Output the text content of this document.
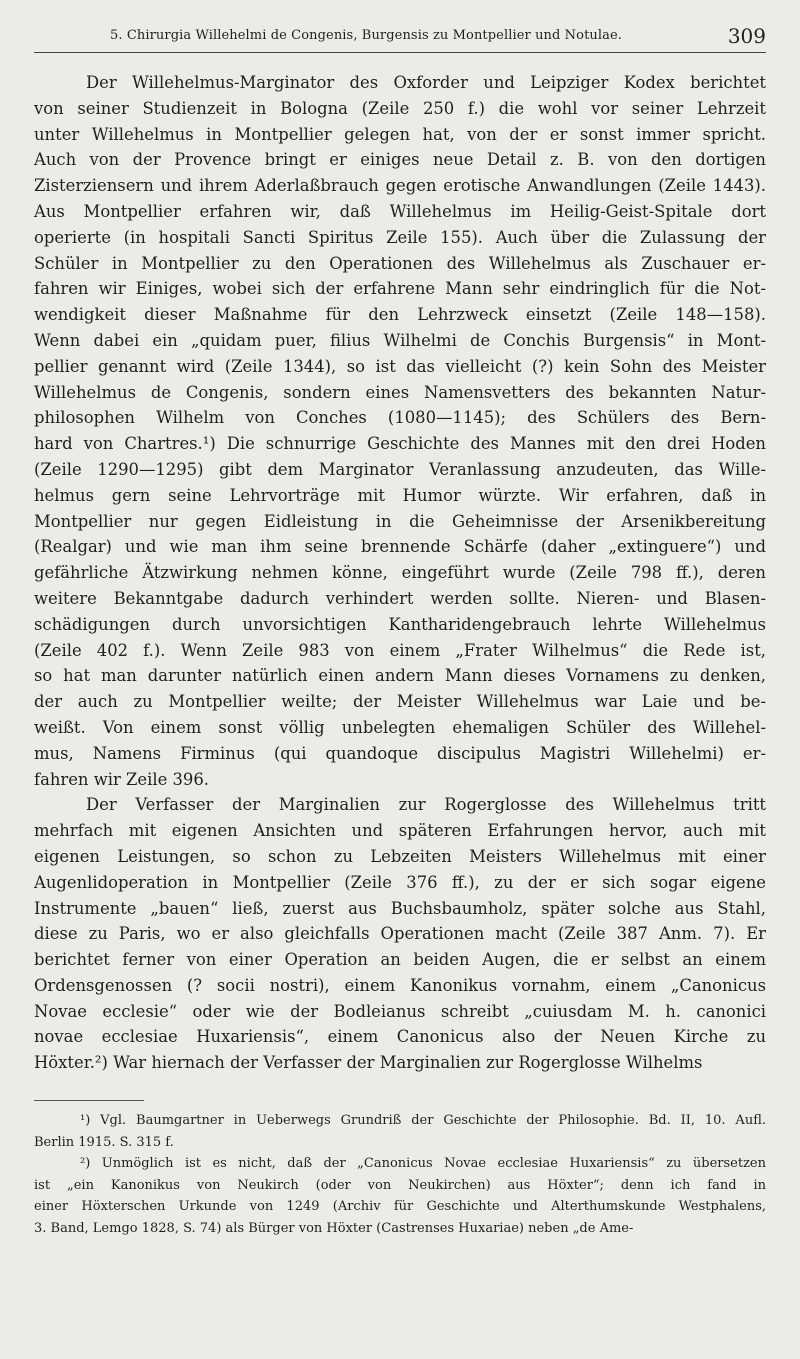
5. Chirurgia Willehelmi de Congenis, Burgensis zu Montpellier und Notulae.	309
Der Willehelmus-Marginator des Oxforder und Leipziger Kodex berichtet
von seiner Studienzeit in Bologna (Zeile 250 f.) die wohl vor seiner Lehrzeit
unter Willehelmus in Montpellier gelegen hat, von der er sonst immer spricht.
Auch von der Provence bringt er einiges neue Detail z. B. von den dortigen
Zisterziensern und ihrem Aderlaßbrauch gegen erotische Anwandlungen (Zeile 1443).
Aus Montpellier erfahren wir, daß Willehelmus im Heilig-Geist-Spitale dort
operierte (in hospitali Sancti Spiritus Zeile 155). Auch über die Zulassung der
Schüler in Montpellier zu den Operationen des Willehelmus als Zuschauer er-
fahren wir Einiges, wobei sich der erfahrene Mann sehr eindringlich für die Not-
wendigkeit dieser Maßnahme für den Lehrzweck einsetzt (Zeile 148—158).
Wenn dabei ein „quidam puer, filius Wilhelmi de Conchis Burgensis“ in Mont-
pellier genannt wird (Zeile 1344), so ist das vielleicht (?) kein Sohn des Meister
Willehelmus de Congenis, sondern eines Namensvetters des bekannten Natur-
philosophen Wilhelm von Conches (1080—1145); des Schülers des Bern-
hard von Chartres.¹) Die schnurrige Geschichte des Mannes mit den drei Hoden
(Zeile 1290—1295) gibt dem Marginator Veranlassung anzudeuten, das Wille-
helmus gern seine Lehrvorträge mit Humor würzte. Wir erfahren, daß in
Montpellier nur gegen Eidleistung in die Geheimnisse der Arsenikbereitung
(Realgar) und wie man ihm seine brennende Schärfe (daher „extinguere“) und
gefährliche Ätzwirkung nehmen könne, eingeführt wurde (Zeile 798 ff.), deren
weitere Bekanntgabe dadurch verhindert werden sollte. Nieren- und Blasen-
schädigungen durch unvorsichtigen Kantharidengebrauch lehrte Willehelmus
(Zeile 402 f.). Wenn Zeile 983 von einem „Frater Wilhelmus“ die Rede ist,
so hat man darunter natürlich einen andern Mann dieses Vornamens zu denken,
der auch zu Montpellier weilte; der Meister Willehelmus war Laie und be-
weißt. Von einem sonst völlig unbelegten ehemaligen Schüler des Willehel-
mus, Namens Firminus (qui quandoque discipulus Magistri Willehelmi) er-
fahren wir Zeile 396.
Der Verfasser der Marginalien zur Rogerglosse des Willehelmus tritt
mehrfach mit eigenen Ansichten und späteren Erfahrungen hervor, auch mit
eigenen Leistungen, so schon zu Lebzeiten Meisters Willehelmus mit einer
Augenlidoperation in Montpellier (Zeile 376 ff.), zu der er sich sogar eigene
Instrumente „bauen“ ließ, zuerst aus Buchsbaumholz, später solche aus Stahl,
diese zu Paris, wo er also gleichfalls Operationen macht (Zeile 387 Anm. 7). Er
berichtet ferner von einer Operation an beiden Augen, die er selbst an einem
Ordensgenossen (? socii nostri), einem Kanonikus vornahm, einem „Canonicus
Novae ecclesie“ oder wie der Bodleianus schreibt „cuiusdam M. h. canonici
novae ecclesiae Huxariensis“, einem Canonicus also der Neuen Kirche zu
Höxter.²) War hiernach der Verfasser der Marginalien zur Rogerglosse Wilhelms
¹) Vgl. Baumgartner in Ueberwegs Grundriß der Geschichte der Philosophie. Bd. II, 10. Aufl.
Berlin 1915. S. 315 f.
²) Unmöglich ist es nicht, daß der „Canonicus Novae ecclesiae Huxariensis“ zu übersetzen
ist „ein Kanonikus von Neukirch (oder von Neukirchen) aus Höxter“; denn ich fand in
einer Höxterschen Urkunde von 1249 (Archiv für Geschichte und Alterthumskunde Westphalens,
3. Band, Lemgo 1828, S. 74) als Bürger von Höxter (Castrenses Huxariae) neben „de Ame-
